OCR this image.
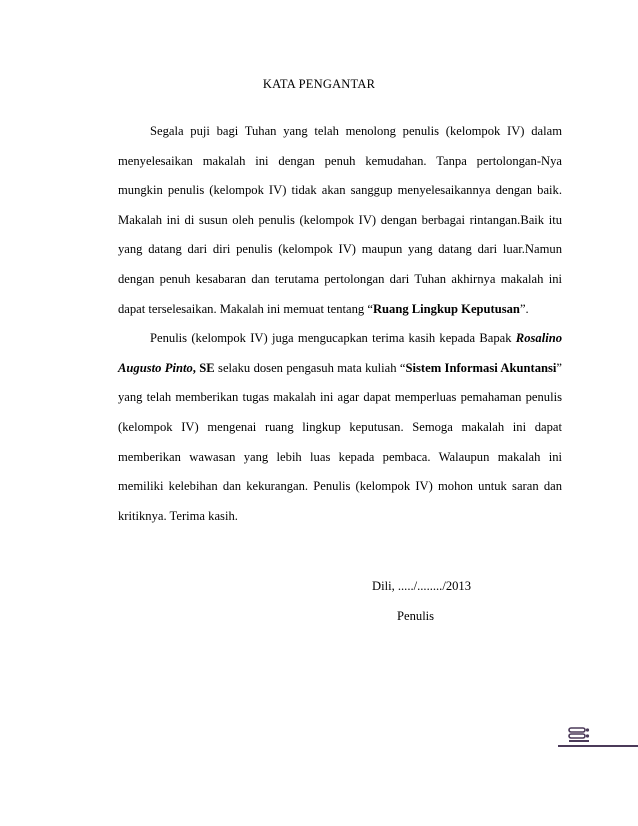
KATA PENGANTAR

Segala puji bagi Tuhan yang telah menolong penulis (kelompok IV) dalam menyelesaikan makalah ini dengan penuh kemudahan. Tanpa pertolongan-Nya mungkin penulis (kelompok IV) tidak akan sanggup menyelesaikannya dengan baik. Makalah ini di susun oleh penulis (kelompok IV) dengan berbagai rintangan.Baik itu yang datang dari diri penulis (kelompok IV) maupun yang datang dari luar.Namun dengan penuh kesabaran dan terutama pertolongan dari Tuhan akhirnya makalah ini dapat terselesaikan. Makalah ini memuat tentang “Ruang Lingkup Keputusan”.

Penulis (kelompok IV) juga mengucapkan terima kasih kepada Bapak Rosalino Augusto Pinto, SE selaku dosen pengasuh mata kuliah “Sistem Informasi Akuntansi” yang telah memberikan tugas makalah ini agar dapat memperluas pemahaman penulis (kelompok IV) mengenai ruang lingkup keputusan. Semoga makalah ini dapat memberikan wawasan yang lebih luas kepada pembaca. Walaupun makalah ini memiliki kelebihan dan kekurangan. Penulis (kelompok IV) mohon untuk saran dan kritiknya. Terima kasih.

Dili, ...../......../2013
Penulis
